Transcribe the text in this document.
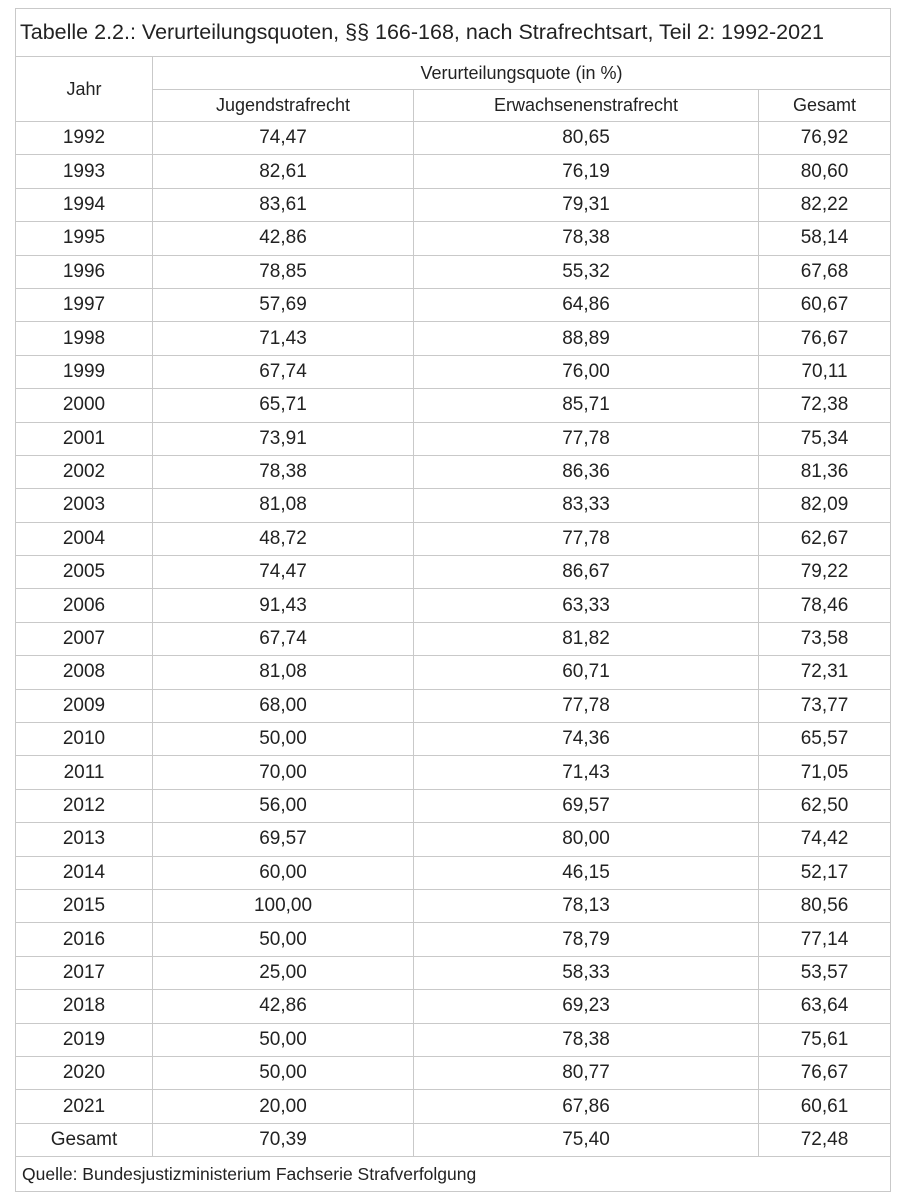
Tabelle 2.2.: Verurteilungsquoten, §§ 166-168, nach Strafrechtsart, Teil 2: 1992-2021			
Jahr	Verurteilungsquote (in %)		
	Jugendstrafrecht	Erwachsenenstrafrecht	Gesamt
1992	74,47	80,65	76,92
1993	82,61	76,19	80,60
1994	83,61	79,31	82,22
1995	42,86	78,38	58,14
1996	78,85	55,32	67,68
1997	57,69	64,86	60,67
1998	71,43	88,89	76,67
1999	67,74	76,00	70,11
2000	65,71	85,71	72,38
2001	73,91	77,78	75,34
2002	78,38	86,36	81,36
2003	81,08	83,33	82,09
2004	48,72	77,78	62,67
2005	74,47	86,67	79,22
2006	91,43	63,33	78,46
2007	67,74	81,82	73,58
2008	81,08	60,71	72,31
2009	68,00	77,78	73,77
2010	50,00	74,36	65,57
2011	70,00	71,43	71,05
2012	56,00	69,57	62,50
2013	69,57	80,00	74,42
2014	60,00	46,15	52,17
2015	100,00	78,13	80,56
2016	50,00	78,79	77,14
2017	25,00	58,33	53,57
2018	42,86	69,23	63,64
2019	50,00	78,38	75,61
2020	50,00	80,77	76,67
2021	20,00	67,86	60,61
Gesamt	70,39	75,40	72,48
Quelle: Bundesjustizministerium Fachserie Strafverfolgung			
